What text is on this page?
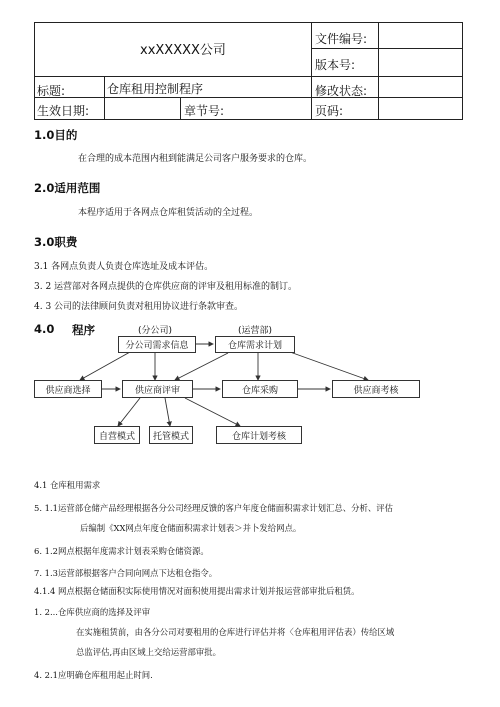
xxXXXXX公司
文件编号:
版本号:
标题:	仓库租用控制程序	修改状态:
生效日期:	章节号:	页码:
1.0目的
在合理的成本范围内租到能满足公司客户服务要求的仓库。
2.0适用范围
本程序适用于各网点仓库租赁活动的全过程。
3.0职费
3.1 各网点负责人负责仓库选址及成本评估。
3. 2 运营部对各网点提供的仓库供应商的评审及租用标准的制订。
4. 3 公司的法律顾问负责对租用协议进行条款审查。
4.0 程序	(分公司)	(运营部)
分公司需求信息	仓库需求计划
供应商选择	供应商评审	仓库采购	供应商考核
自营模式	托管模式	仓库计划考核
4.1 仓库租用需求
5. 1.1运营部仓储产品经理根据各分公司经理反馈的客户年度仓储面积需求计划汇总、分析、评估
后编制《XX网点年度仓储面积需求计划表＞并卜发给网点。
6. 1.2网点根据年度需求计划表采购仓储资源。
7. 1.3运营部根据客户合同向网点下达租仓指令。
4.1.4 网点根据仓储面积实际使用情况对面积使用提出需求计划并报运营部审批后租赁。
1. 2...仓库供应商的选择及评审
在实施租赁前，由各分公司对要租用的仓库进行评估并将〈仓库租用评估表）传给区域
总监评估,再由区域上交给运营部审批。
4. 2.1应明确仓库租用起止时间.
